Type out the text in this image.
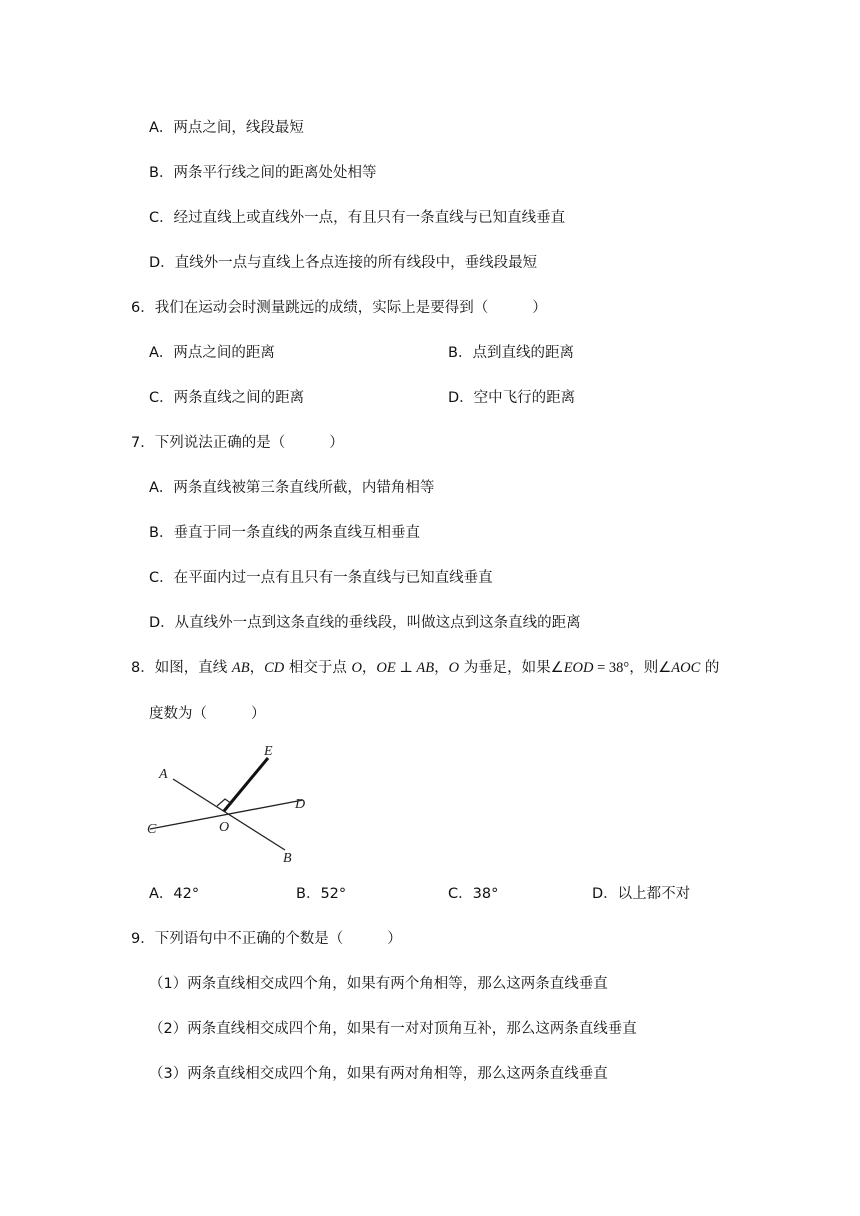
A．两点之间，线段最短
B．两条平行线之间的距离处处相等
C．经过直线上或直线外一点，有且只有一条直线与已知直线垂直
D．直线外一点与直线上各点连接的所有线段中，垂线段最短
6．我们在运动会时测量跳远的成绩，实际上是要得到（	）
A．两点之间的距离	B．点到直线的距离
C．两条直线之间的距离	D．空中飞行的距离
7．下列说法正确的是（	）
A．两条直线被第三条直线所截，内错角相等
B．垂直于同一条直线的两条直线互相垂直
C．在平面内过一点有且只有一条直线与已知直线垂直
D．从直线外一点到这条直线的垂线段，叫做这点到这条直线的距离
8．如图，直线 AB，CD 相交于点 O，OE ⊥ AB，O 为垂足，如果∠EOD = 38°，则∠AOC 的
度数为（	）
A
B
C
D
E
O
A．42°	B．52°	C．38°	D．以上都不对
9．下列语句中不正确的个数是（	）
（1）两条直线相交成四个角，如果有两个角相等，那么这两条直线垂直
（2）两条直线相交成四个角，如果有一对对顶角互补，那么这两条直线垂直
（3）两条直线相交成四个角，如果有两对角相等，那么这两条直线垂直
